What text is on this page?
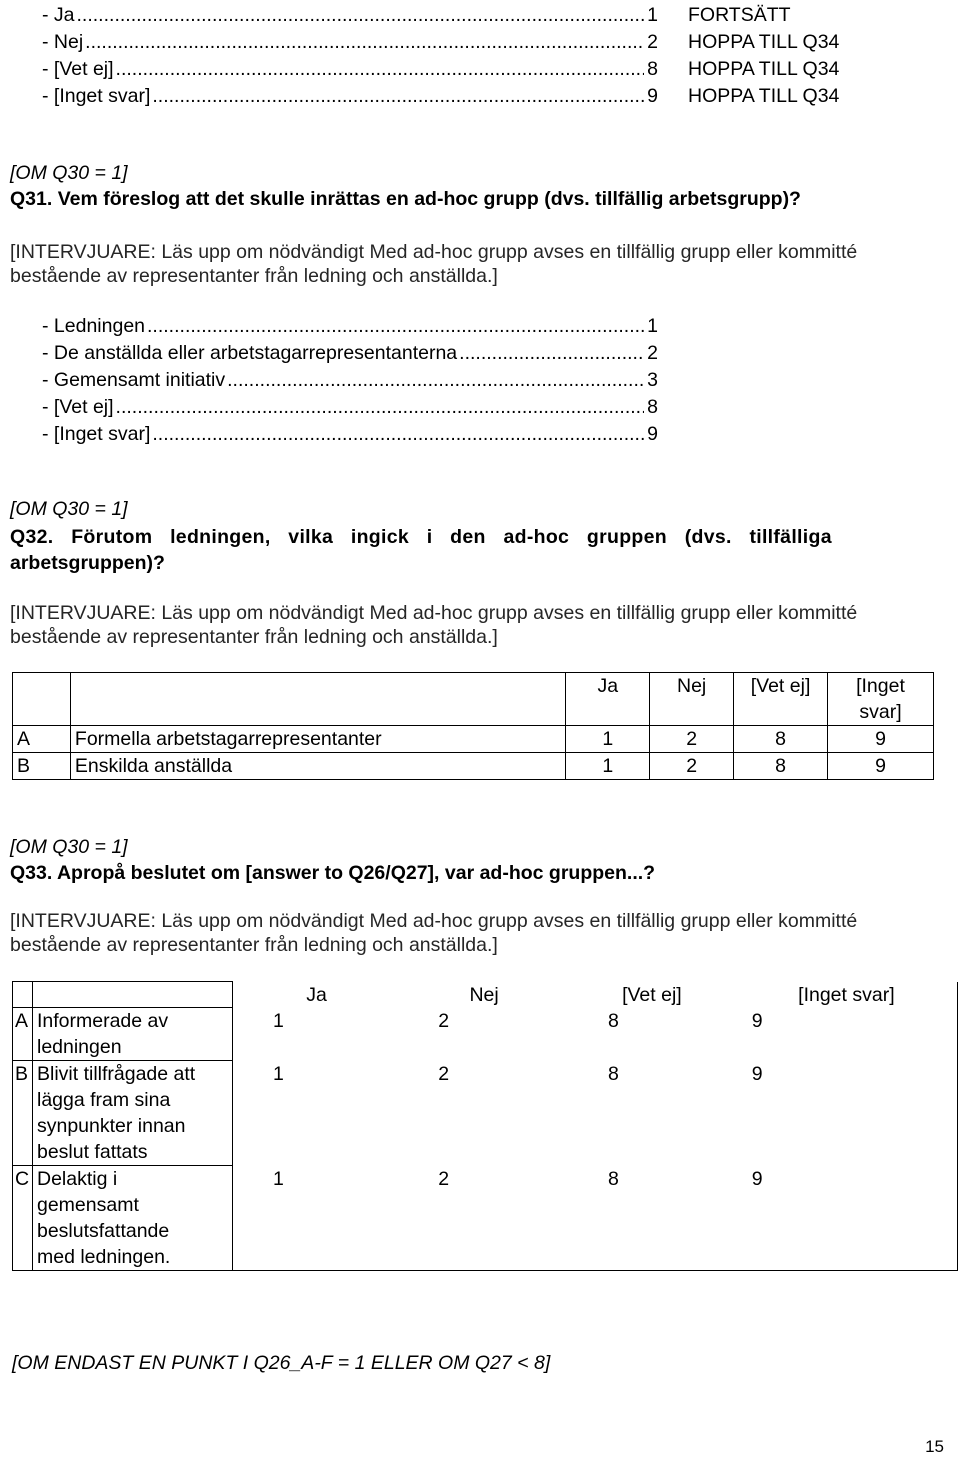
- Ja .....	1 FORTSÄTT
- Nej .....	2 HOPPA TILL Q34
- [Vet ej] .....	8 HOPPA TILL Q34
- [Inget svar] .....	9 HOPPA TILL Q34
[OM Q30 = 1]
Q31. Vem föreslog att det skulle inrättas en ad-hoc grupp (dvs. tillfällig arbetsgrupp)?
[INTERVJUARE: Läs upp om nödvändigt Med ad-hoc grupp avses en tillfällig grupp eller kommitté
bestående av representanter från ledning och anställda.]
- Ledningen .....	1
- De anställda eller arbetstagarrepresentanterna .....	2
- Gemensamt initiativ .....	3
- [Vet ej] .....	8
- [Inget svar] .....	9
[OM Q30 = 1]
Q32. Förutom ledningen, vilka ingick i den ad-hoc gruppen (dvs. tillfälliga
arbetsgruppen)?
[INTERVJUARE: Läs upp om nödvändigt Med ad-hoc grupp avses en tillfällig grupp eller kommitté
bestående av representanter från ledning och anställda.]
		Ja	Nej	[Vet ej]	[Inget svar]

A	Formella arbetstagarrepresentanter	1	2	8	9
B	Enskilda anställda	1	2	8	9
[OM Q30 = 1]
Q33. Apropå beslutet om [answer to Q26/Q27], var ad-hoc gruppen...?
[INTERVJUARE: Läs upp om nödvändigt Med ad-hoc grupp avses en tillfällig grupp eller kommitté
bestående av representanter från ledning och anställda.]
		Ja	Nej	[Vet ej]	[Inget svar]
A	Informerade av ledningen	1	2	8	9
B	Blivit tillfrågade att lägga fram sina synpunkter innan beslut fattats	1	2	8	9
C	Delaktig i gemensamt beslutsfattande med ledningen.	1	2	8	9
[OM ENDAST EN PUNKT I Q26_A-F = 1 ELLER OM Q27 < 8]
15
